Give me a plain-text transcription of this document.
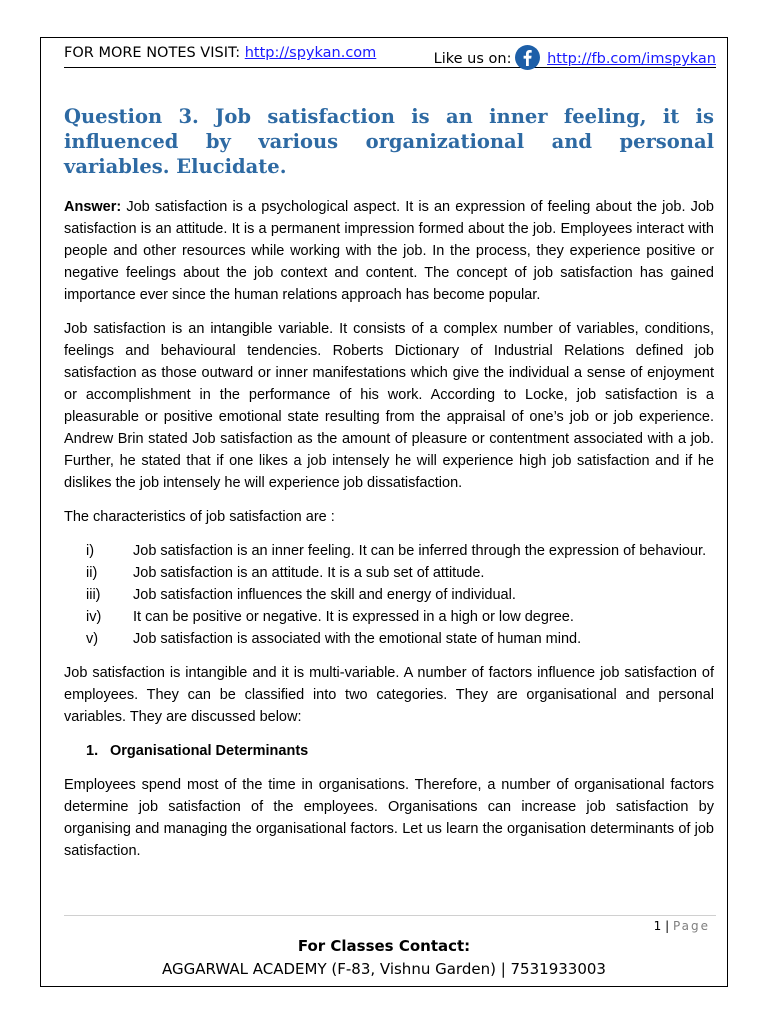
FOR MORE NOTES VISIT: http://spykan.com	Like us on: http://fb.com/imspykan
Question 3. Job satisfaction is an inner feeling, it is influenced by various organizational and personal variables. Elucidate.

Answer: Job satisfaction is a psychological aspect. It is an expression of feeling about the job. Job satisfaction is an attitude. It is a permanent impression formed about the job. Employees interact with people and other resources while working with the job. In the process, they experience positive or negative feelings about the job context and content. The concept of job satisfaction has gained importance ever since the human relations approach has become popular.

Job satisfaction is an intangible variable. It consists of a complex number of variables, conditions, feelings and behavioural tendencies. Roberts Dictionary of Industrial Relations defined job satisfaction as those outward or inner manifestations which give the individual a sense of enjoyment or accomplishment in the performance of his work. According to Locke, job satisfaction is a pleasurable or positive emotional state resulting from the appraisal of one’s job or job experience. Andrew Brin stated Job satisfaction as the amount of pleasure or contentment associated with a job. Further, he stated that if one likes a job intensely he will experience high job satisfaction and if he dislikes the job intensely he will experience job dissatisfaction.

The characteristics of job satisfaction are :

i)	Job satisfaction is an inner feeling. It can be inferred through the expression of behaviour.
ii) Job satisfaction is an attitude. It is a sub set of attitude.
iii) Job satisfaction influences the skill and energy of individual.
iv) It can be positive or negative. It is expressed in a high or low degree.
v) Job satisfaction is associated with the emotional state of human mind.

Job satisfaction is intangible and it is multi-variable. A number of factors influence job satisfaction of employees. They can be classified into two categories. They are organisational and personal variables. They are discussed below:

1. Organisational Determinants

Employees spend most of the time in organisations. Therefore, a number of organisational factors determine job satisfaction of the employees. Organisations can increase job satisfaction by organising and managing the organisational factors. Let us learn the organisation determinants of job satisfaction.

1 | Page
For Classes Contact:
AGGARWAL ACADEMY (F-83, Vishnu Garden) | 7531933003
